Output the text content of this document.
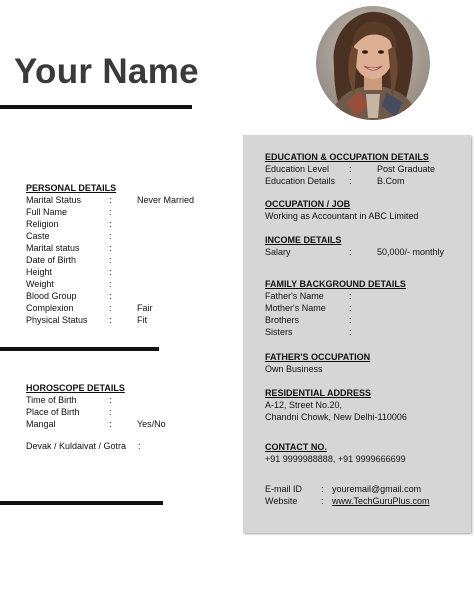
Your Name
PERSONAL DETAILS
Marital Status	:	Never Married
Full Name	:
Religion	:
Caste	:
Marital status	:
Date of Birth	:
Height	:
Weight	:
Blood Group	:
Complexion	:	Fair
Physical Status :	Fit
HOROSCOPE DETAILS
Time of Birth	:
Place of Birth	:
Mangal	:	Yes/No
Devak / Kuldaivat / Gotra :
EDUCATION & OCCUPATION DETAILS
Education Level :	Post Graduate
Education Details :	B.Com
OCCUPATION / JOB
Working as Accountant in ABC Limited
INCOME DETAILS
Salary	:	50,000/- monthly
FAMILY BACKGROUND DETAILS
Father's Name	:
Mother's Name	:
Brothers	:
Sisters	:
FATHER'S OCCUPATION
Own Business
RESIDENTIAL ADDRESS
A-12, Street No.20,
Chandni Chowk, New Delhi-110006
CONTACT NO.
+91 9999988888, +91 9999666699
E-mail ID : youremail@gmail.com
Website	: www.TechGuruPlus.com
